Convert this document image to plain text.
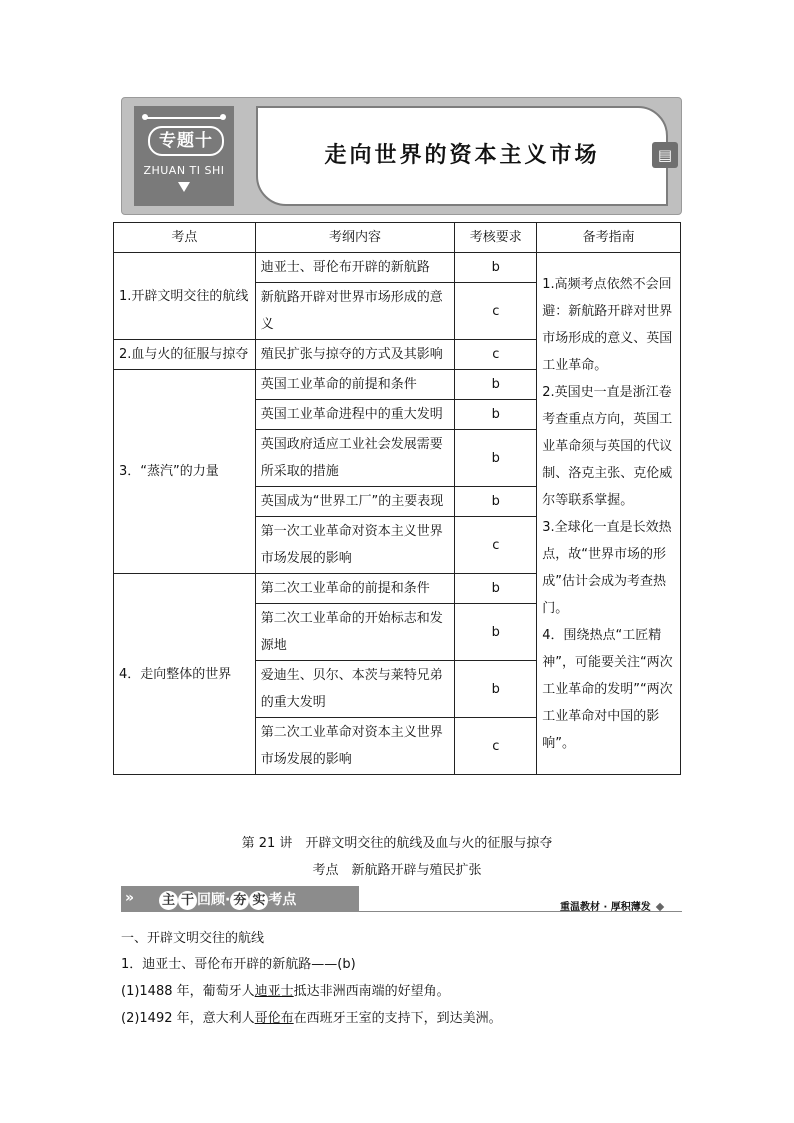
专题十
ZHUAN TI SHI
走向世界的资本主义市场	▤
考点	考纲内容	考核要求	备考指南
1.开辟文明交往的航线	迪亚士、哥伦布开辟的新航路	b	1.高频考点依然不会回避：新航路开辟对世界市场形成的意义、英国工业革命。
2.英国史一直是浙江卷考查重点方向，英国工业革命须与英国的代议制、洛克主张、克伦威尔等联系掌握。
3.全球化一直是长效热点，故“世界市场的形成”估计会成为考查热门。
4．围绕热点“工匠精神”，可能要关注“两次工业革命的发明”“两次工业革命对中国的影响”。

	新航路开辟对世界市场形成的意义	c	
2.血与火的征服与掠夺	殖民扩张与掠夺的方式及其影响	c	
3．“蒸汽”的力量	英国工业革命的前提和条件	b	
	英国工业革命进程中的重大发明	b	
	英国政府适应工业社会发展需要所采取的措施	b	
	英国成为“世界工厂”的主要表现	b	
	第一次工业革命对资本主义世界市场发展的影响	c	
4．走向整体的世界	第二次工业革命的前提和条件	b	
	第二次工业革命的开始标志和发源地	b	
	爱迪生、贝尔、本茨与莱特兄弟的重大发明	b	
	第二次工业革命对资本主义世界市场发展的影响	c	
第 21 讲　开辟文明交往的航线及血与火的征服与掠夺
考点　新航路开辟与殖民扩张
» 主 干 回顾· 夯 实 考点	重温教材 · 厚积薄发
一、开辟文明交往的航线
1．迪亚士、哥伦布开辟的新航路——(b)
(1)1488 年，葡萄牙人迪亚士抵达非洲西南端的好望角。
(2)1492 年，意大利人哥伦布在西班牙王室的支持下，到达美洲。
